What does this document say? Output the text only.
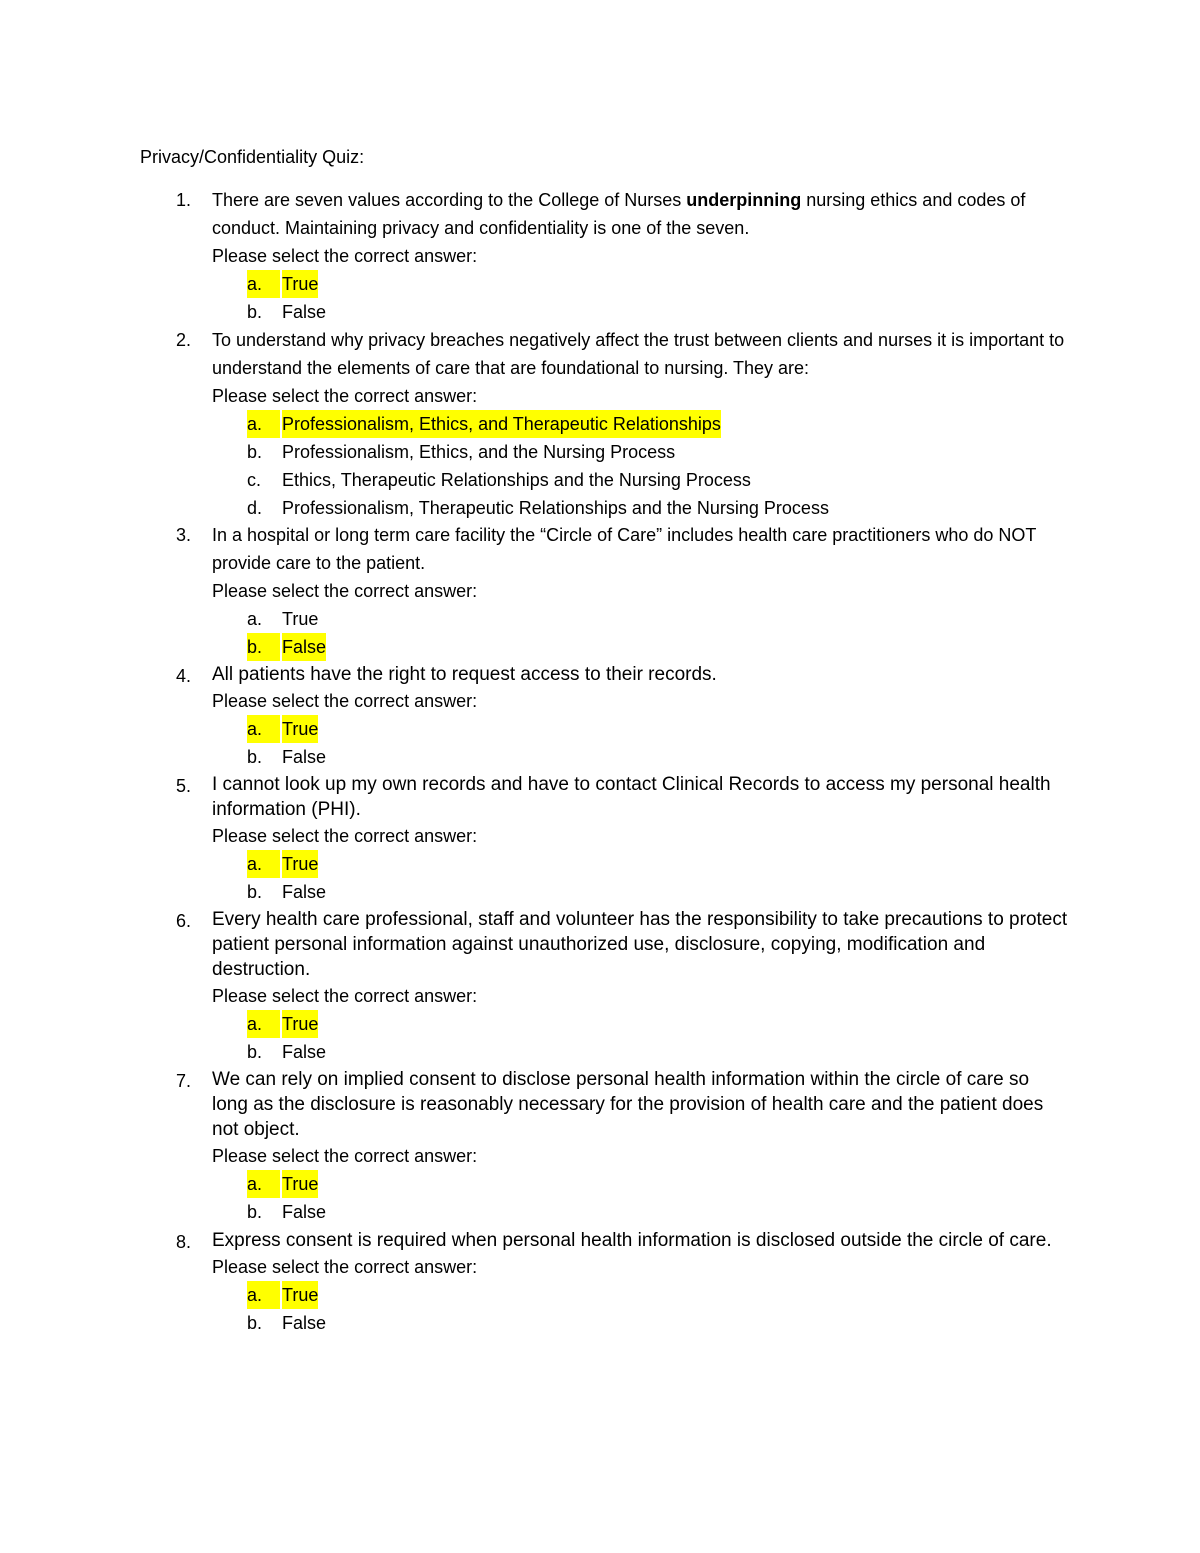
Privacy/Confidentiality Quiz:
1. There are seven values according to the College of Nurses underpinning nursing ethics and codes of conduct. Maintaining privacy and confidentiality is one of the seven.
Please select the correct answer:
a.	True
b. False
2. To understand why privacy breaches negatively affect the trust between clients and nurses it is important to understand the elements of care that are foundational to nursing. They are:
Please select the correct answer:
a.	Professionalism, Ethics, and Therapeutic Relationships
b. Professionalism, Ethics, and the Nursing Process
c. Ethics, Therapeutic Relationships and the Nursing Process
d. Professionalism, Therapeutic Relationships and the Nursing Process
3. In a hospital or long term care facility the “Circle of Care” includes health care practitioners who do NOT provide care to the patient.
Please select the correct answer:
a. True
b.	False
4. All patients have the right to request access to their records.
Please select the correct answer:
a.	True
b. False
5. I cannot look up my own records and have to contact Clinical Records to access my personal health information (PHI).
Please select the correct answer:
a.	True
b. False
6. Every health care professional, staff and volunteer has the responsibility to take precautions to protect patient personal information against unauthorized use, disclosure, copying, modification and destruction.
Please select the correct answer:
a.	True
b. False
7. We can rely on implied consent to disclose personal health information within the circle of care so long as the disclosure is reasonably necessary for the provision of health care and the patient does not object.
Please select the correct answer:
a.	True
b. False
8. Express consent is required when personal health information is disclosed outside the circle of care.
Please select the correct answer:
a.	True
b. False
